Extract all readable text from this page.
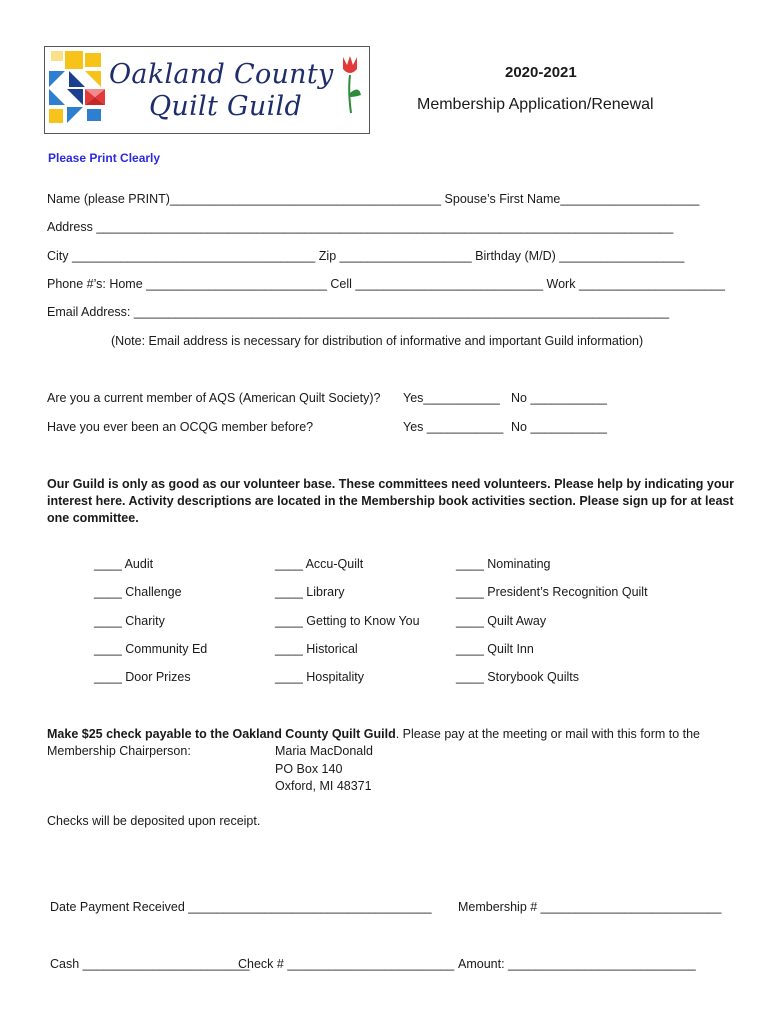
Oakland County
Quilt Guild
2020-2021
Membership Application/Renewal
Please Print Clearly
Name (please PRINT)_______________________________________ Spouse’s First Name____________________
Address ___________________________________________________________________________________
City ___________________________________ Zip ___________________ Birthday (M/D) __________________
Phone #’s: Home __________________________ Cell ___________________________ Work _____________________
Email Address: _____________________________________________________________________________
(Note: Email address is necessary for distribution of informative and important Guild information)
Are you a current member of AQS (American Quilt Society)? Yes___________ No ___________
Have you ever been an OCQG member before?	Yes ___________ No ___________
Our Guild is only as good as our volunteer base. These committees need volunteers. Please help by indicating your
interest here. Activity descriptions are located in the Membership book activities section. Please sign up for at least
one committee.
____ Audit
____ Challenge
____ Charity
____ Community Ed
____ Door Prizes
____ Accu-Quilt
____ Library
____ Getting to Know You
____ Historical
____ Hospitality
____ Nominating
____ President’s Recognition Quilt
____ Quilt Away
____ Quilt Inn
____ Storybook Quilts
Make $25 check payable to the Oakland County Quilt Guild. Please pay at the meeting or mail with this form to the
Membership Chairperson:	Maria MacDonald
PO Box 140
Oxford, MI 48371
Checks will be deposited upon receipt.
Date Payment Received ___________________________________ Membership # __________________________
Cash ________________________
Check # ________________________ Amount: ___________________________
